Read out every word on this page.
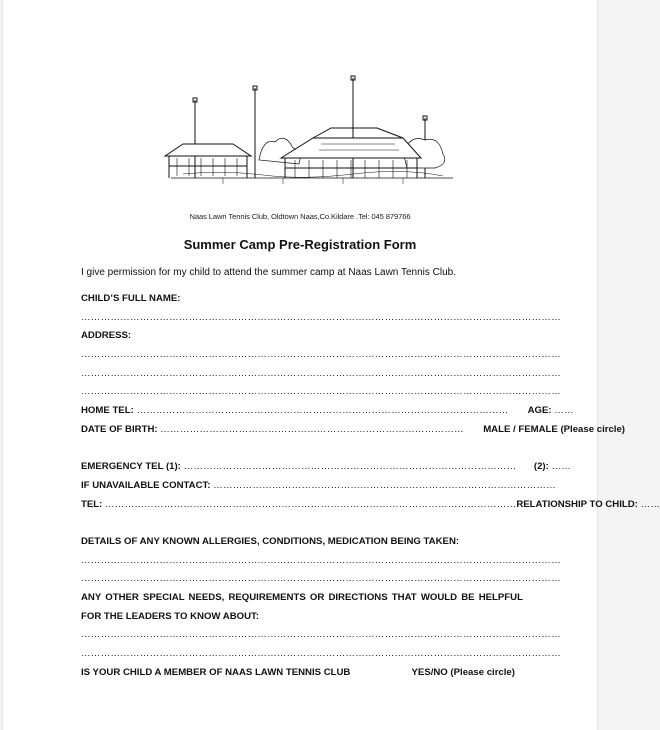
Naas Lawn Tennis Club, Oldtown Naas,Co.Kildare .Tel: 045 879766
Summer Camp Pre-Registration Form
I give permission for my child to attend the summer camp at Naas Lawn Tennis Club.
CHILD’S FULL NAME:
…………………………………………………………………………………………………………………………………
ADDRESS:
…………………………………………………………………………………………………………………………………
…………………………………………………………………………………………………………………………………
…………………………………………………………………………………………………………………………………
HOME TEL: …………………………………………………………………………………………………… AGE: ……
DATE OF BIRTH: ………………………………………………………………………………… MALE / FEMALE (Please circle)
EMERGENCY TEL (1): ………………………………………………………………………………………… (2): ……
IF UNAVAILABLE CONTACT: ……………………………………………………………………………………………
TEL: ………………………………………………………………………………………………………………RELATIONSHIP TO CHILD: ……
DETAILS OF ANY KNOWN ALLERGIES, CONDITIONS, MEDICATION BEING TAKEN:
…………………………………………………………………………………………………………………………………
…………………………………………………………………………………………………………………………………
ANY OTHER SPECIAL NEEDS, REQUIREMENTS OR DIRECTIONS THAT WOULD BE HELPFUL
FOR THE LEADERS TO KNOW ABOUT:
…………………………………………………………………………………………………………………………………
…………………………………………………………………………………………………………………………………
IS YOUR CHILD A MEMBER OF NAAS LAWN TENNIS CLUB	YES/NO (Please circle)
